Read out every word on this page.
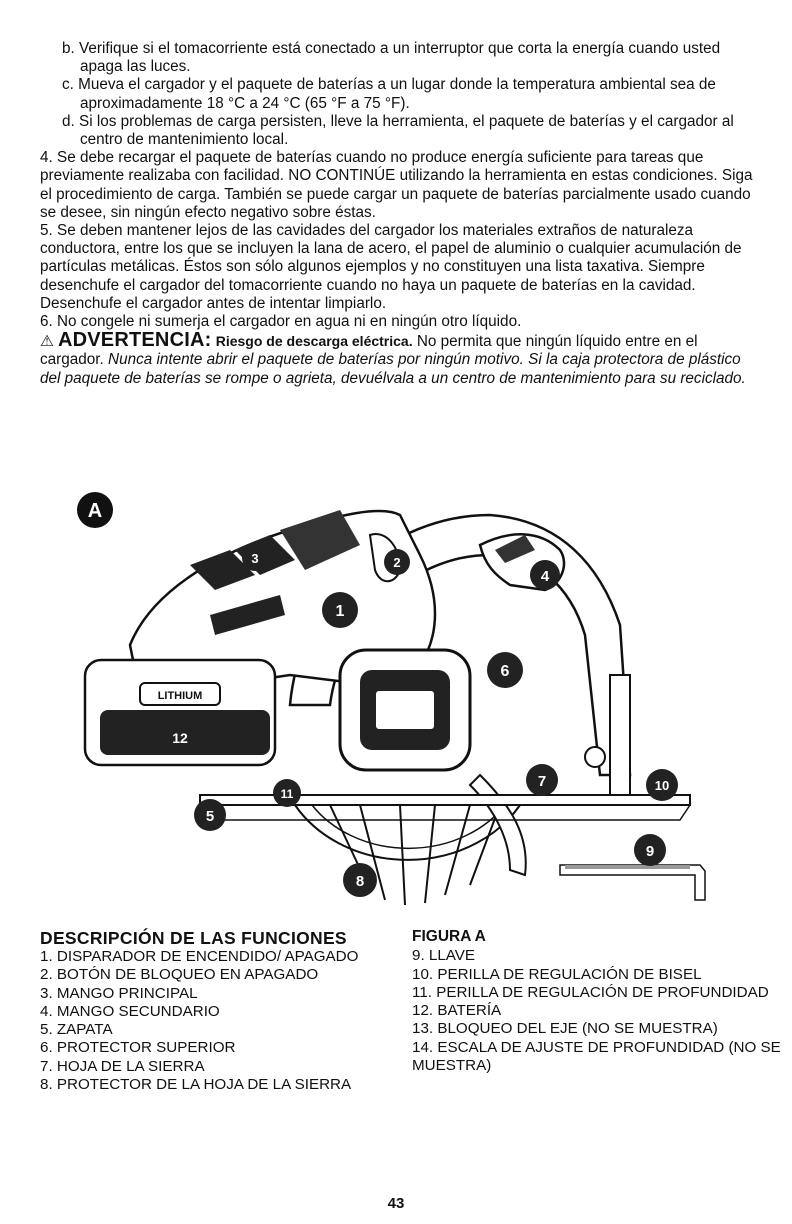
b. Verifique si el tomacorriente está conectado a un interruptor que corta la energía cuando usted apaga las luces.

c. Mueva el cargador y el paquete de baterías a un lugar donde la temperatura ambiental sea de aproximadamente 18 °C a 24 °C (65 °F a 75 °F).

d. Si los problemas de carga persisten, lleve la herramienta, el paquete de baterías y el cargador al centro de mantenimiento local.

4. Se debe recargar el paquete de baterías cuando no produce energía suficiente para tareas que previamente realizaba con facilidad. NO CONTINÚE utilizando la herramienta en estas condiciones. Siga el procedimiento de carga. También se puede cargar un paquete de baterías parcialmente usado cuando se desee, sin ningún efecto negativo sobre éstas.

5. Se deben mantener lejos de las cavidades del cargador los materiales extraños de naturaleza conductora, entre los que se incluyen la lana de acero, el papel de aluminio o cualquier acumulación de partículas metálicas. Éstos son sólo algunos ejemplos y no constituyen una lista taxativa. Siempre desenchufe el cargador del tomacorriente cuando no haya un paquete de baterías en la cavidad. Desenchufe el cargador antes de intentar limpiarlo.

6. No congele ni sumerja el cargador en agua ni en ningún otro líquido.

⚠ ADVERTENCIA: Riesgo de descarga eléctrica. No permita que ningún líquido entre en el cargador. Nunca intente abrir el paquete de baterías por ningún motivo. Si la caja protectora de plástico del paquete de baterías se rompe o agrieta, devuélvala a un centro de mantenimiento para su reciclado.

LITHIUM
A
1
2
3
4
5
6
7
8
9
10
11
12
DESCRIPCIÓN DE LAS FUNCIONES
1. DISPARADOR DE ENCENDIDO/ APAGADO
2. BOTÓN DE BLOQUEO EN APAGADO
3. MANGO PRINCIPAL
4. MANGO SECUNDARIO
5. ZAPATA
6. PROTECTOR SUPERIOR
7. HOJA DE LA SIERRA
8. PROTECTOR DE LA HOJA DE LA SIERRA
FIGURA A
9. LLAVE
10. PERILLA DE REGULACIÓN DE BISEL
11. PERILLA DE REGULACIÓN DE PROFUNDIDAD
12. BATERÍA
13. BLOQUEO DEL EJE (NO SE MUESTRA)
14. ESCALA DE AJUSTE DE PROFUNDIDAD (NO SE MUESTRA)
43
